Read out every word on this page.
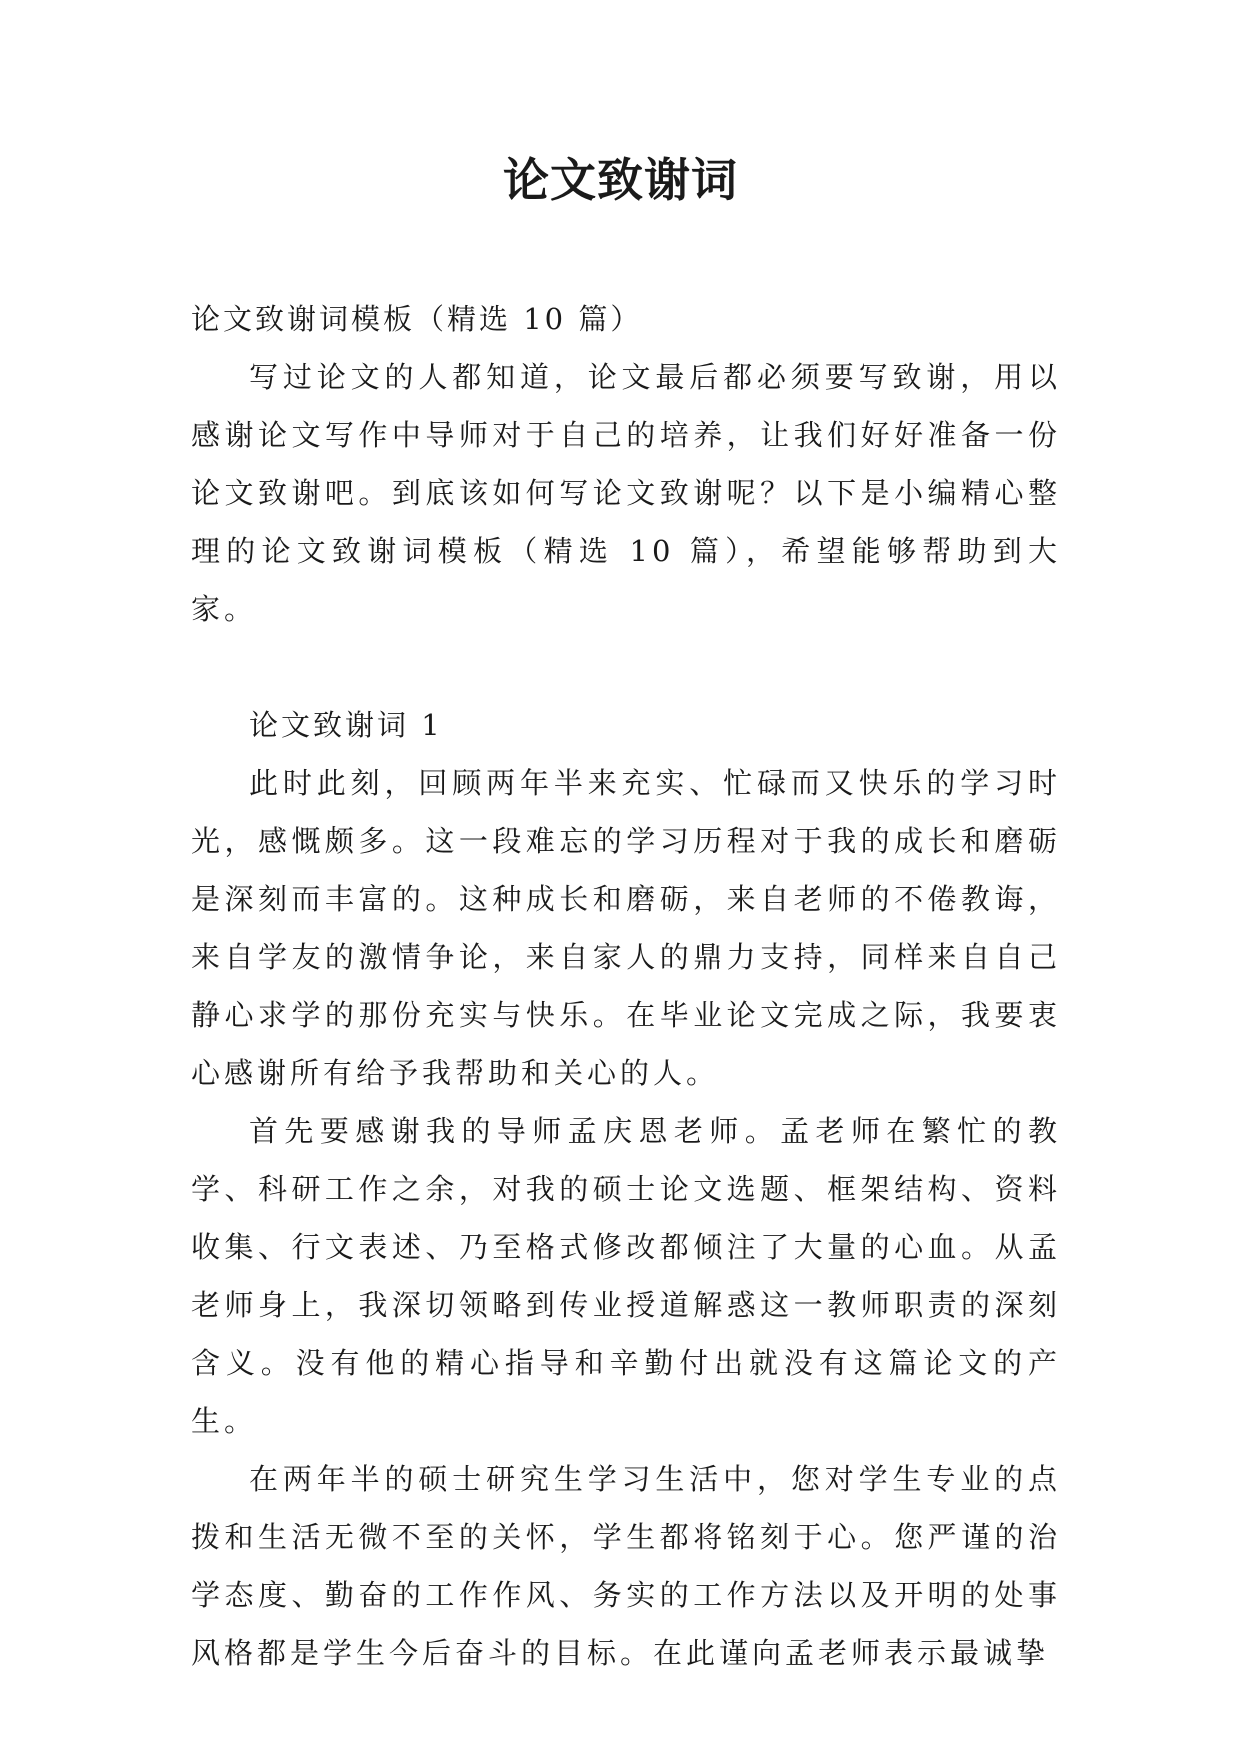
论文致谢词

论文致谢词模板（精选 10 篇）

写过论文的人都知道，论文最后都必须要写致谢，用以感谢论文写作中导师对于自己的培养，让我们好好准备一份论文致谢吧。到底该如何写论文致谢呢？以下是小编精心整理的论文致谢词模板（精选 10 篇），希望能够帮助到大家。

论文致谢词 1

此时此刻，回顾两年半来充实、忙碌而又快乐的学习时光，感慨颇多。这一段难忘的学习历程对于我的成长和磨砺是深刻而丰富的。这种成长和磨砺，来自老师的不倦教诲，来自学友的激情争论，来自家人的鼎力支持，同样来自自己静心求学的那份充实与快乐。在毕业论文完成之际，我要衷心感谢所有给予我帮助和关心的人。

首先要感谢我的导师孟庆恩老师。孟老师在繁忙的教学、科研工作之余，对我的硕士论文选题、框架结构、资料收集、行文表述、乃至格式修改都倾注了大量的心血。从孟老师身上，我深切领略到传业授道解惑这一教师职责的深刻含义。没有他的精心指导和辛勤付出就没有这篇论文的产生。

在两年半的硕士研究生学习生活中，您对学生专业的点拨和生活无微不至的关怀，学生都将铭刻于心。您严谨的治学态度、勤奋的工作作风、务实的工作方法以及开明的处事风格都是学生今后奋斗的目标。在此谨向孟老师表示最诚挚
